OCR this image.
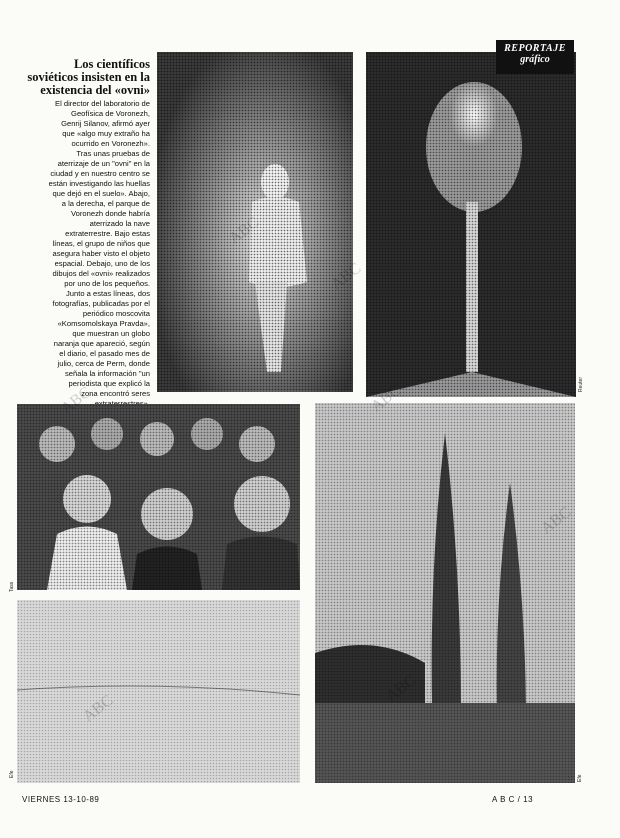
Los científicos
soviéticos insisten en la
existencia del «ovni»

El director del laboratorio de
Geofísica de Voronezh,
Genrij Silanov, afirmó ayer
que «algo muy extraño ha
ocurrido en Voronezh».
Tras unas pruebas de
aterrizaje de un "ovni" en la
ciudad y en nuestro centro se
están investigando las huellas
que dejó en el suelo». Abajo,
a la derecha, el parque de
Voronezh donde habría
aterrizado la nave
extraterrestre. Bajo estas
líneas, el grupo de niños que
asegura haber visto el objeto
espacial. Debajo, uno de los
dibujos del «ovni» realizados
por uno de los pequeños.
Junto a estas líneas, dos
fotografías, publicadas por el
periódico moscovita
«Komsomolskaya Pravda»,
que muestran un globo
naranja que apareció, según
el diario, el pasado mes de
julio, cerca de Perm, donde
señala la información "un
periodista que explicó la
zona encontró seres

REPORTAJE
gráfico
Reuter
Tass
Efe
Efe
VIERNES 13-10-89	A B C / 13
ABC
ABC
